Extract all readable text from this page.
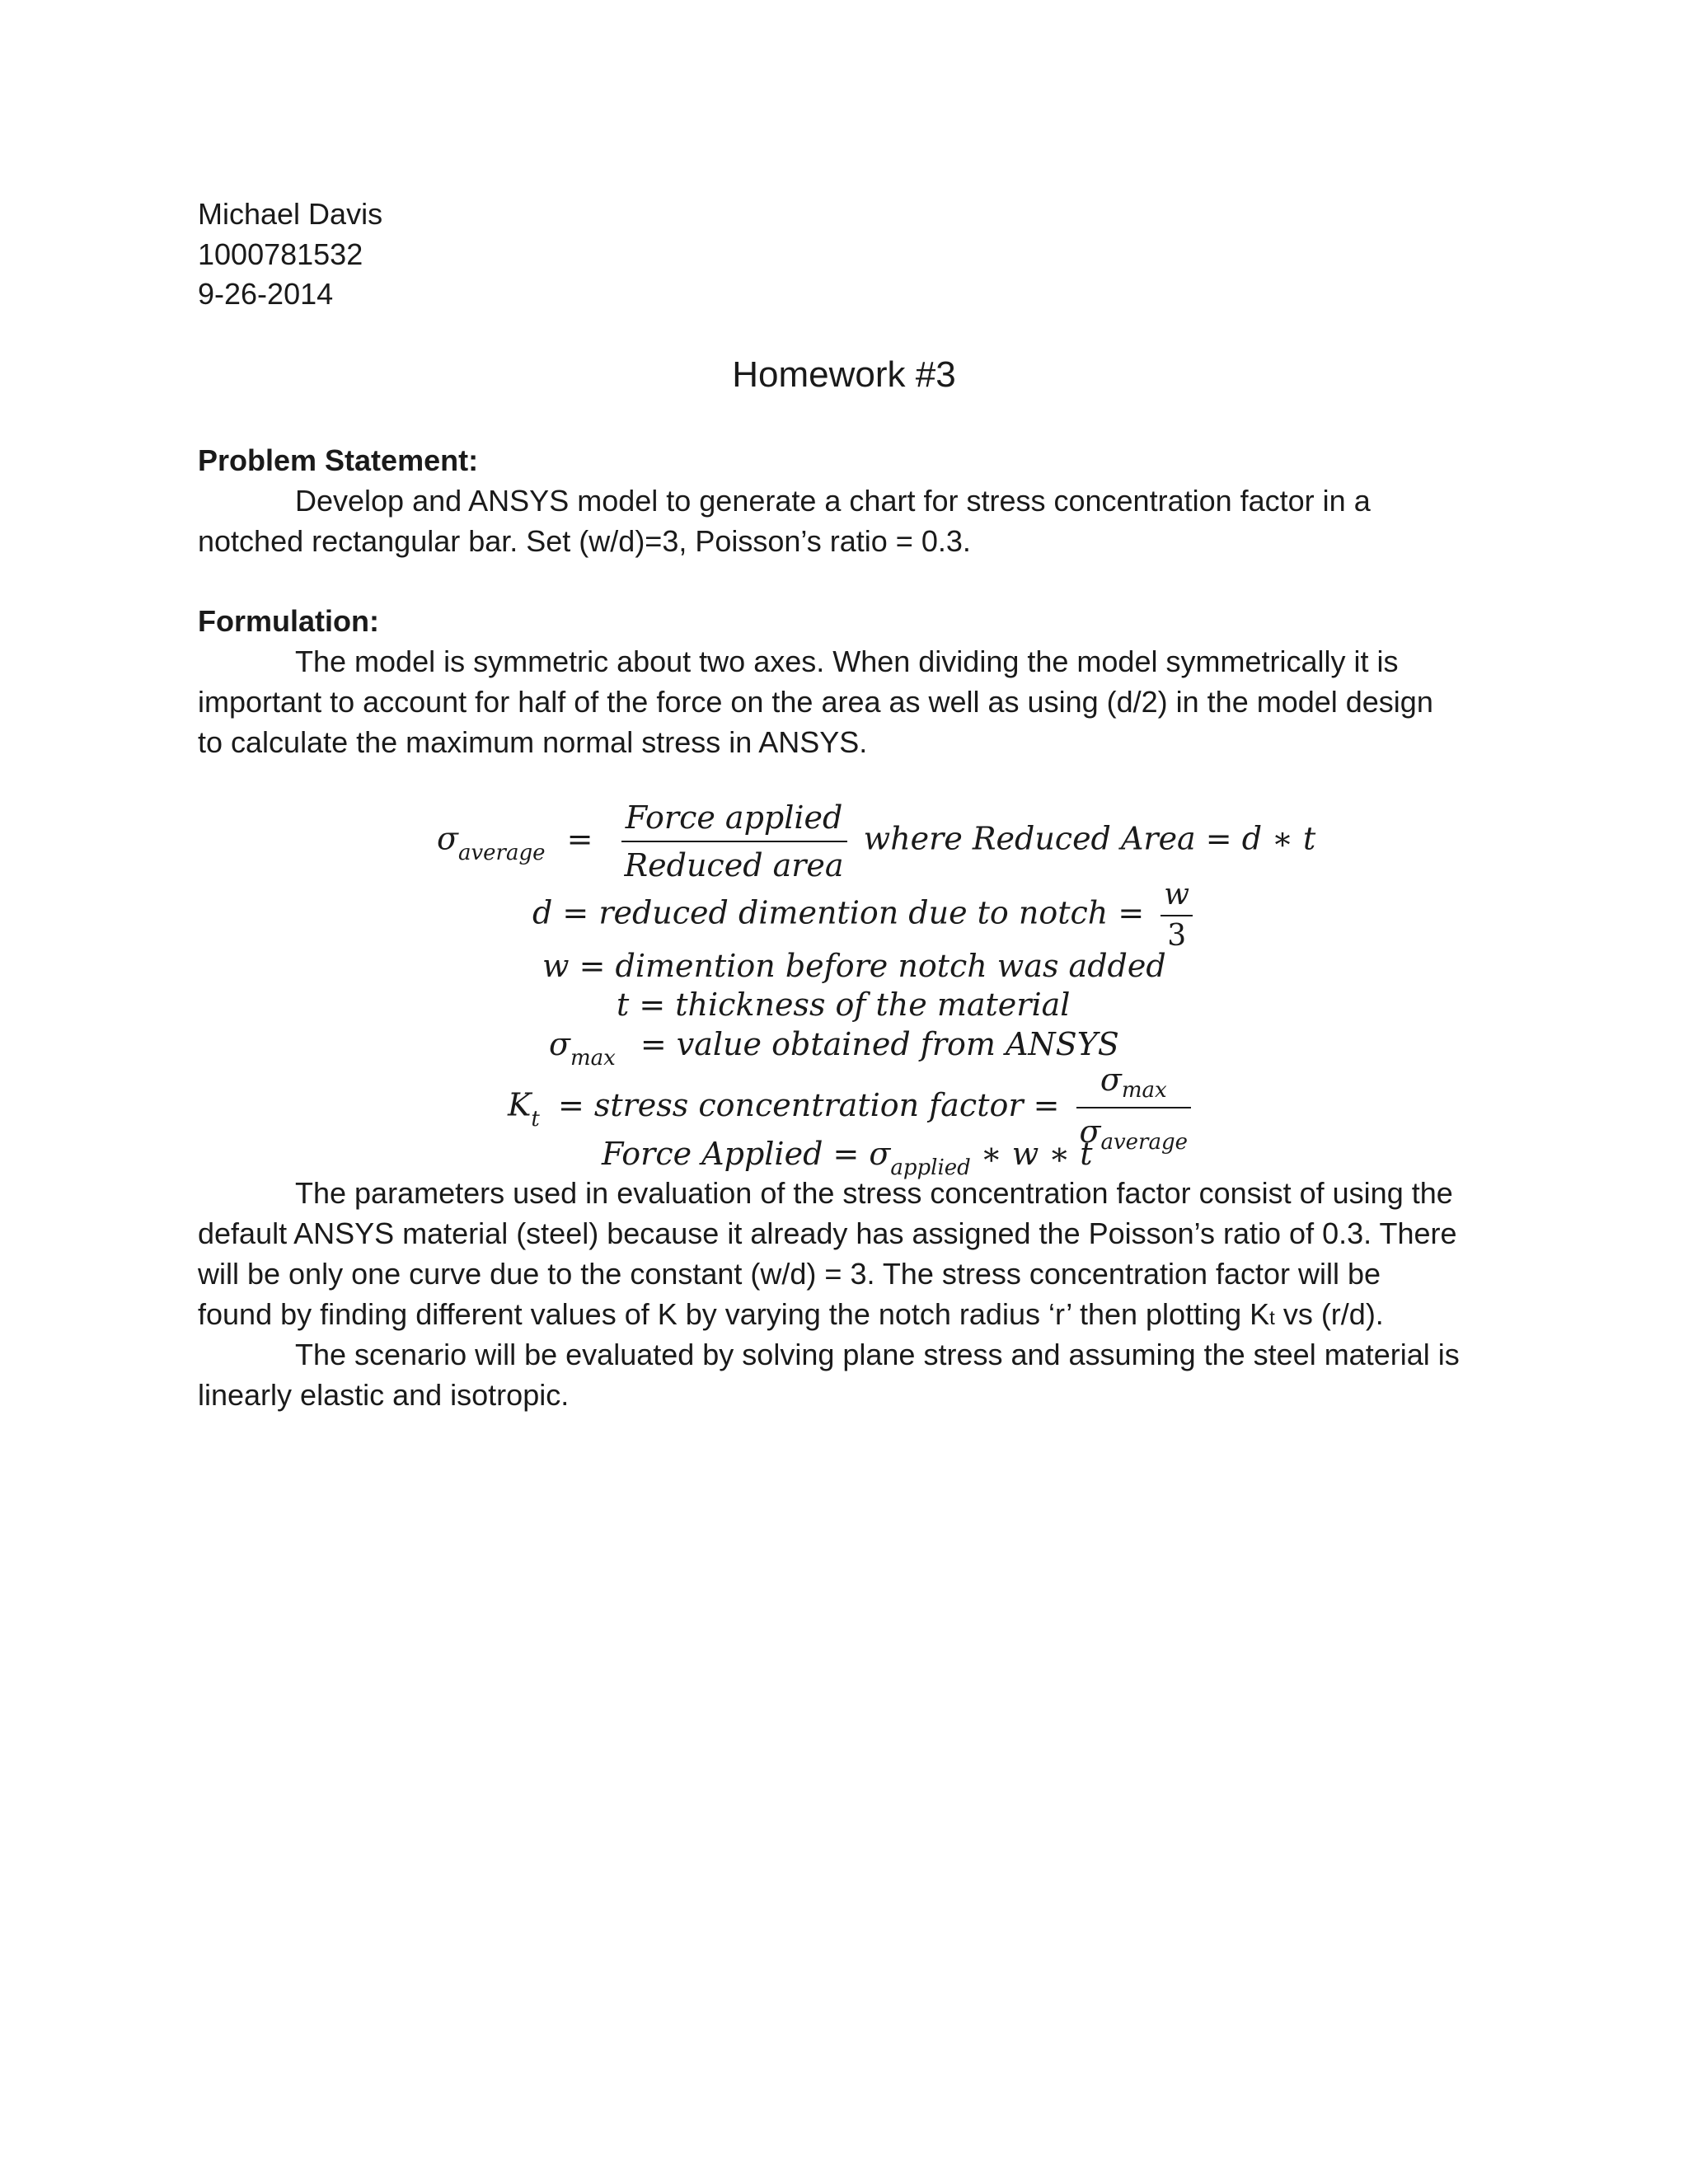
Michael Davis
1000781532
9-26-2014
Homework #3
Problem Statement:
Develop and ANSYS model to generate a chart for stress concentration factor in a
notched rectangular bar. Set (w/d)=3, Poisson’s ratio = 0.3.
Formulation:
The model is symmetric about two axes. When dividing the model symmetrically it is
important to account for half of the force on the area as well as using (d/2) in the model design
to calculate the maximum normal stress in ANSYS.
$\sigma_{average} = \frac{\text{Force applied}}{\text{Reduced area}}$ where Reduced Area = d ∗ t
d = reduced dimention due to notch = $\frac{w}{3}$
w = dimention before notch was added
t = thickness of the material
$\sigma_{max}$ = value obtained from ANSYS
$K_t$ = stress concentration factor = $\frac{\sigma_{max}}{\sigma_{average}}$
Force Applied = $\sigma_{applied}$ ∗ w ∗ t
The parameters used in evaluation of the stress concentration factor consist of using the
default ANSYS material (steel) because it already has assigned the Poisson’s ratio of 0.3. There
will be only one curve due to the constant (w/d) = 3. The stress concentration factor will be
found by finding different values of K by varying the notch radius ‘r’ then plotting Kt vs (r/d).
The scenario will be evaluated by solving plane stress and assuming the steel material is
linearly elastic and isotropic.
